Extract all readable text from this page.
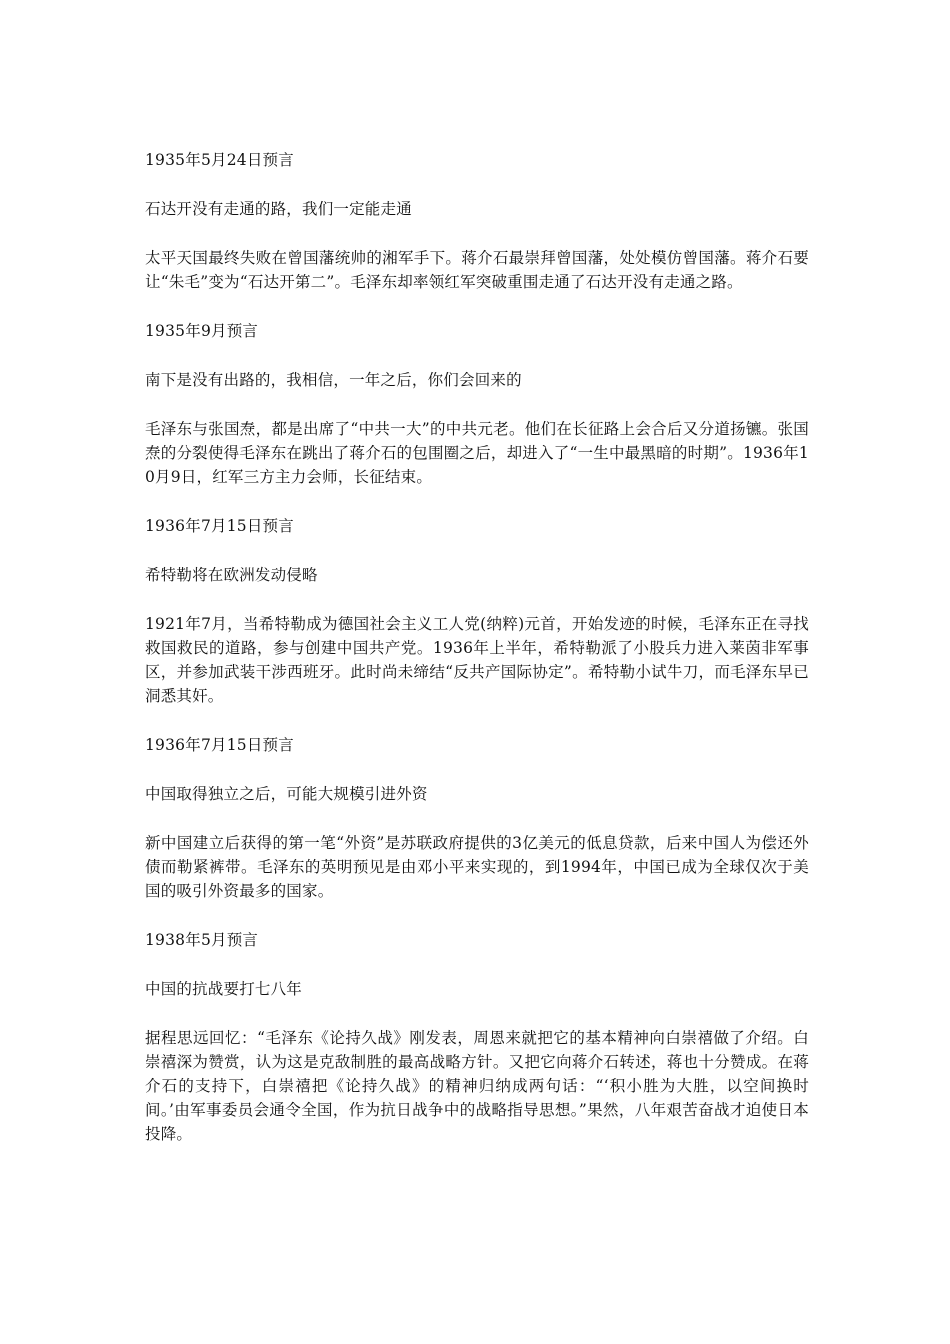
1935年5月24日预言

石达开没有走通的路，我们一定能走通

太平天国最终失败在曾国藩统帅的湘军手下。蒋介石最崇拜曾国藩，处处模仿曾国藩。蒋介石要让“朱毛”变为“石达开第二”。毛泽东却率领红军突破重围走通了石达开没有走通之路。

1935年9月预言

南下是没有出路的，我相信，一年之后，你们会回来的

毛泽东与张国焘，都是出席了“中共一大”的中共元老。他们在长征路上会合后又分道扬镳。张国焘的分裂使得毛泽东在跳出了蒋介石的包围圈之后，却进入了“一生中最黑暗的时期”。1936年10月9日，红军三方主力会师，长征结束。

1936年7月15日预言

希特勒将在欧洲发动侵略

1921年7月，当希特勒成为德国社会主义工人党(纳粹)元首，开始发迹的时候，毛泽东正在寻找救国救民的道路，参与创建中国共产党。1936年上半年，希特勒派了小股兵力进入莱茵非军事区，并参加武装干涉西班牙。此时尚未缔结“反共产国际协定”。希特勒小试牛刀，而毛泽东早已洞悉其奸。

1936年7月15日预言

中国取得独立之后，可能大规模引进外资

新中国建立后获得的第一笔“外资”是苏联政府提供的3亿美元的低息贷款，后来中国人为偿还外债而勒紧裤带。毛泽东的英明预见是由邓小平来实现的，到1994年，中国已成为全球仅次于美国的吸引外资最多的国家。

1938年5月预言

中国的抗战要打七八年

据程思远回忆：“毛泽东《论持久战》刚发表，周恩来就把它的基本精神向白崇禧做了介绍。白崇禧深为赞赏，认为这是克敌制胜的最高战略方针。又把它向蒋介石转述，蒋也十分赞成。在蒋介石的支持下，白崇禧把《论持久战》的精神归纳成两句话：“‘积小胜为大胜，以空间换时间。’由军事委员会通令全国，作为抗日战争中的战略指导思想。”果然，八年艰苦奋战才迫使日本投降。
